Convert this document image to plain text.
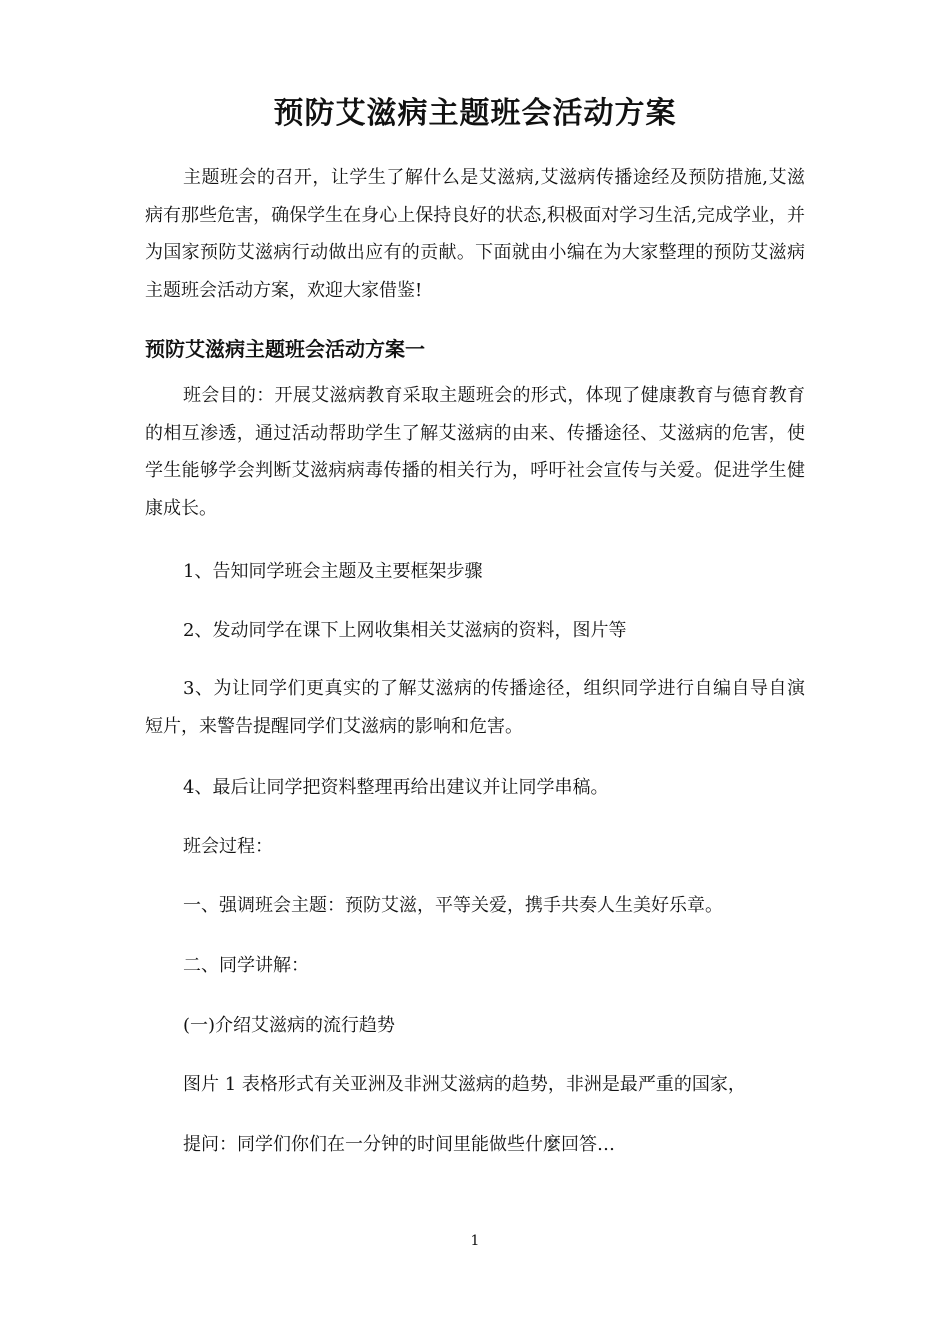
预防艾滋病主题班会活动方案

主题班会的召开，让学生了解什么是艾滋病,艾滋病传播途经及预防措施,艾滋病有那些危害，确保学生在身心上保持良好的状态,积极面对学习生活,完成学业，并为国家预防艾滋病行动做出应有的贡献。下面就由小编在为大家整理的预防艾滋病主题班会活动方案，欢迎大家借鉴!

预防艾滋病主题班会活动方案一

班会目的：开展艾滋病教育采取主题班会的形式，体现了健康教育与德育教育的相互渗透，通过活动帮助学生了解艾滋病的由来、传播途径、艾滋病的危害，使学生能够学会判断艾滋病病毒传播的相关行为，呼吁社会宣传与关爱。促进学生健康成长。

1、告知同学班会主题及主要框架步骤

2、发动同学在课下上网收集相关艾滋病的资料，图片等

3、为让同学们更真实的了解艾滋病的传播途径，组织同学进行自编自导自演短片，来警告提醒同学们艾滋病的影响和危害。

4、最后让同学把资料整理再给出建议并让同学串稿。

班会过程：

一、强调班会主题：预防艾滋，平等关爱，携手共奏人生美好乐章。

二、同学讲解：

(一)介绍艾滋病的流行趋势

图片 1 表格形式有关亚洲及非洲艾滋病的趋势，非洲是最严重的国家，

提问：同学们你们在一分钟的时间里能做些什麼回答…

1
